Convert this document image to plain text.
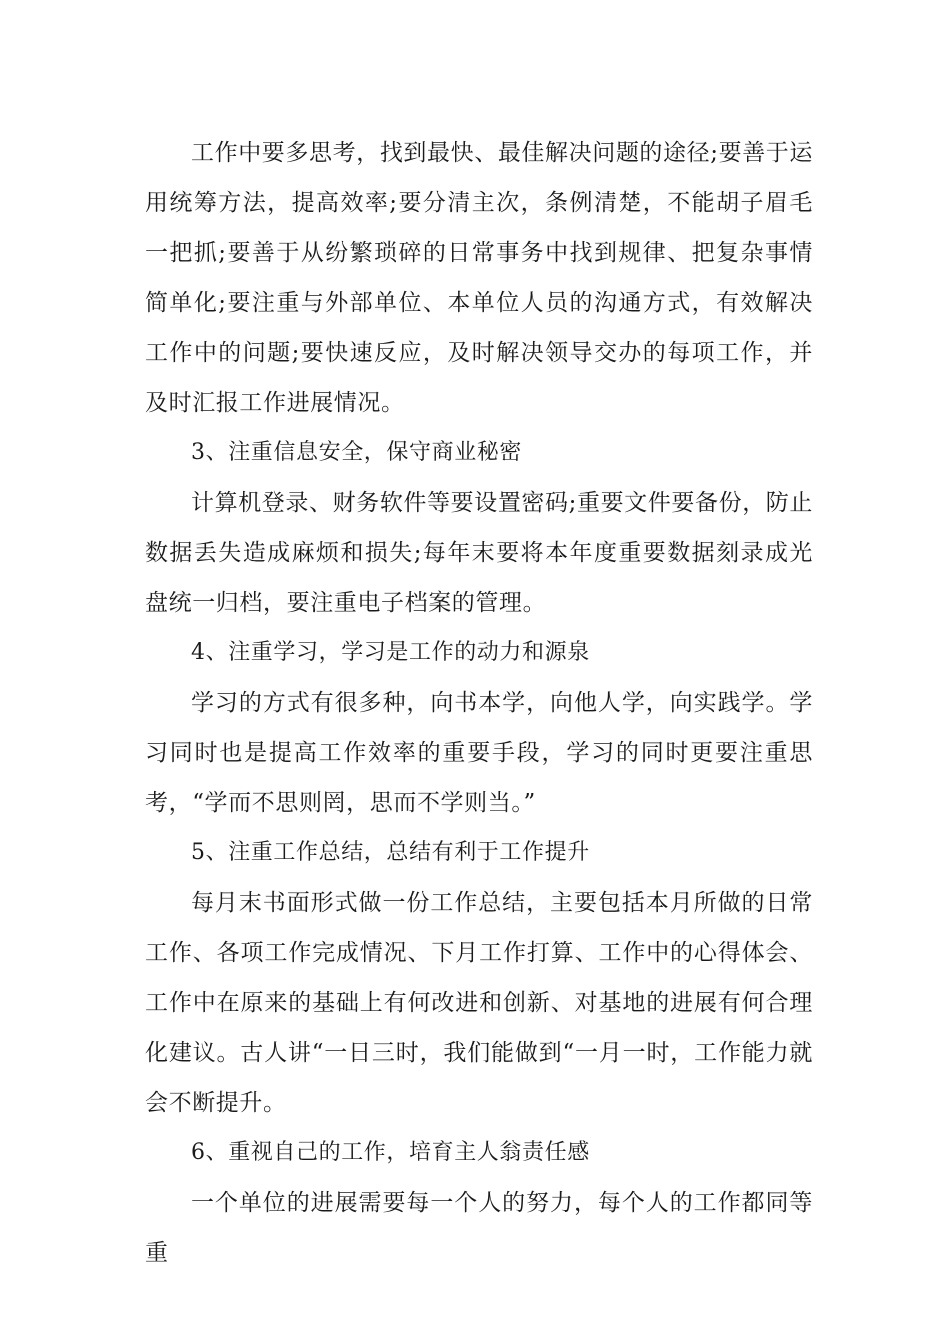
工作中要多思考，找到最快、最佳解决问题的途径;要善于运用统筹方法，提高效率;要分清主次，条例清楚，不能胡子眉毛一把抓;要善于从纷繁琐碎的日常事务中找到规律、把复杂事情简单化;要注重与外部单位、本单位人员的沟通方式，有效解决工作中的问题;要快速反应，及时解决领导交办的每项工作，并及时汇报工作进展情况。

3、注重信息安全，保守商业秘密

计算机登录、财务软件等要设置密码;重要文件要备份，防止数据丢失造成麻烦和损失;每年末要将本年度重要数据刻录成光盘统一归档，要注重电子档案的管理。

4、注重学习，学习是工作的动力和源泉

学习的方式有很多种，向书本学，向他人学，向实践学。学习同时也是提高工作效率的重要手段，学习的同时更要注重思考，“学而不思则罔，思而不学则当。”

5、注重工作总结，总结有利于工作提升

每月末书面形式做一份工作总结，主要包括本月所做的日常工作、各项工作完成情况、下月工作打算、工作中的心得体会、工作中在原来的基础上有何改进和创新、对基地的进展有何合理化建议。古人讲“一日三时，我们能做到“一月一时，工作能力就会不断提升。

6、重视自己的工作，培育主人翁责任感

一个单位的进展需要每一个人的努力，每个人的工作都同等重
